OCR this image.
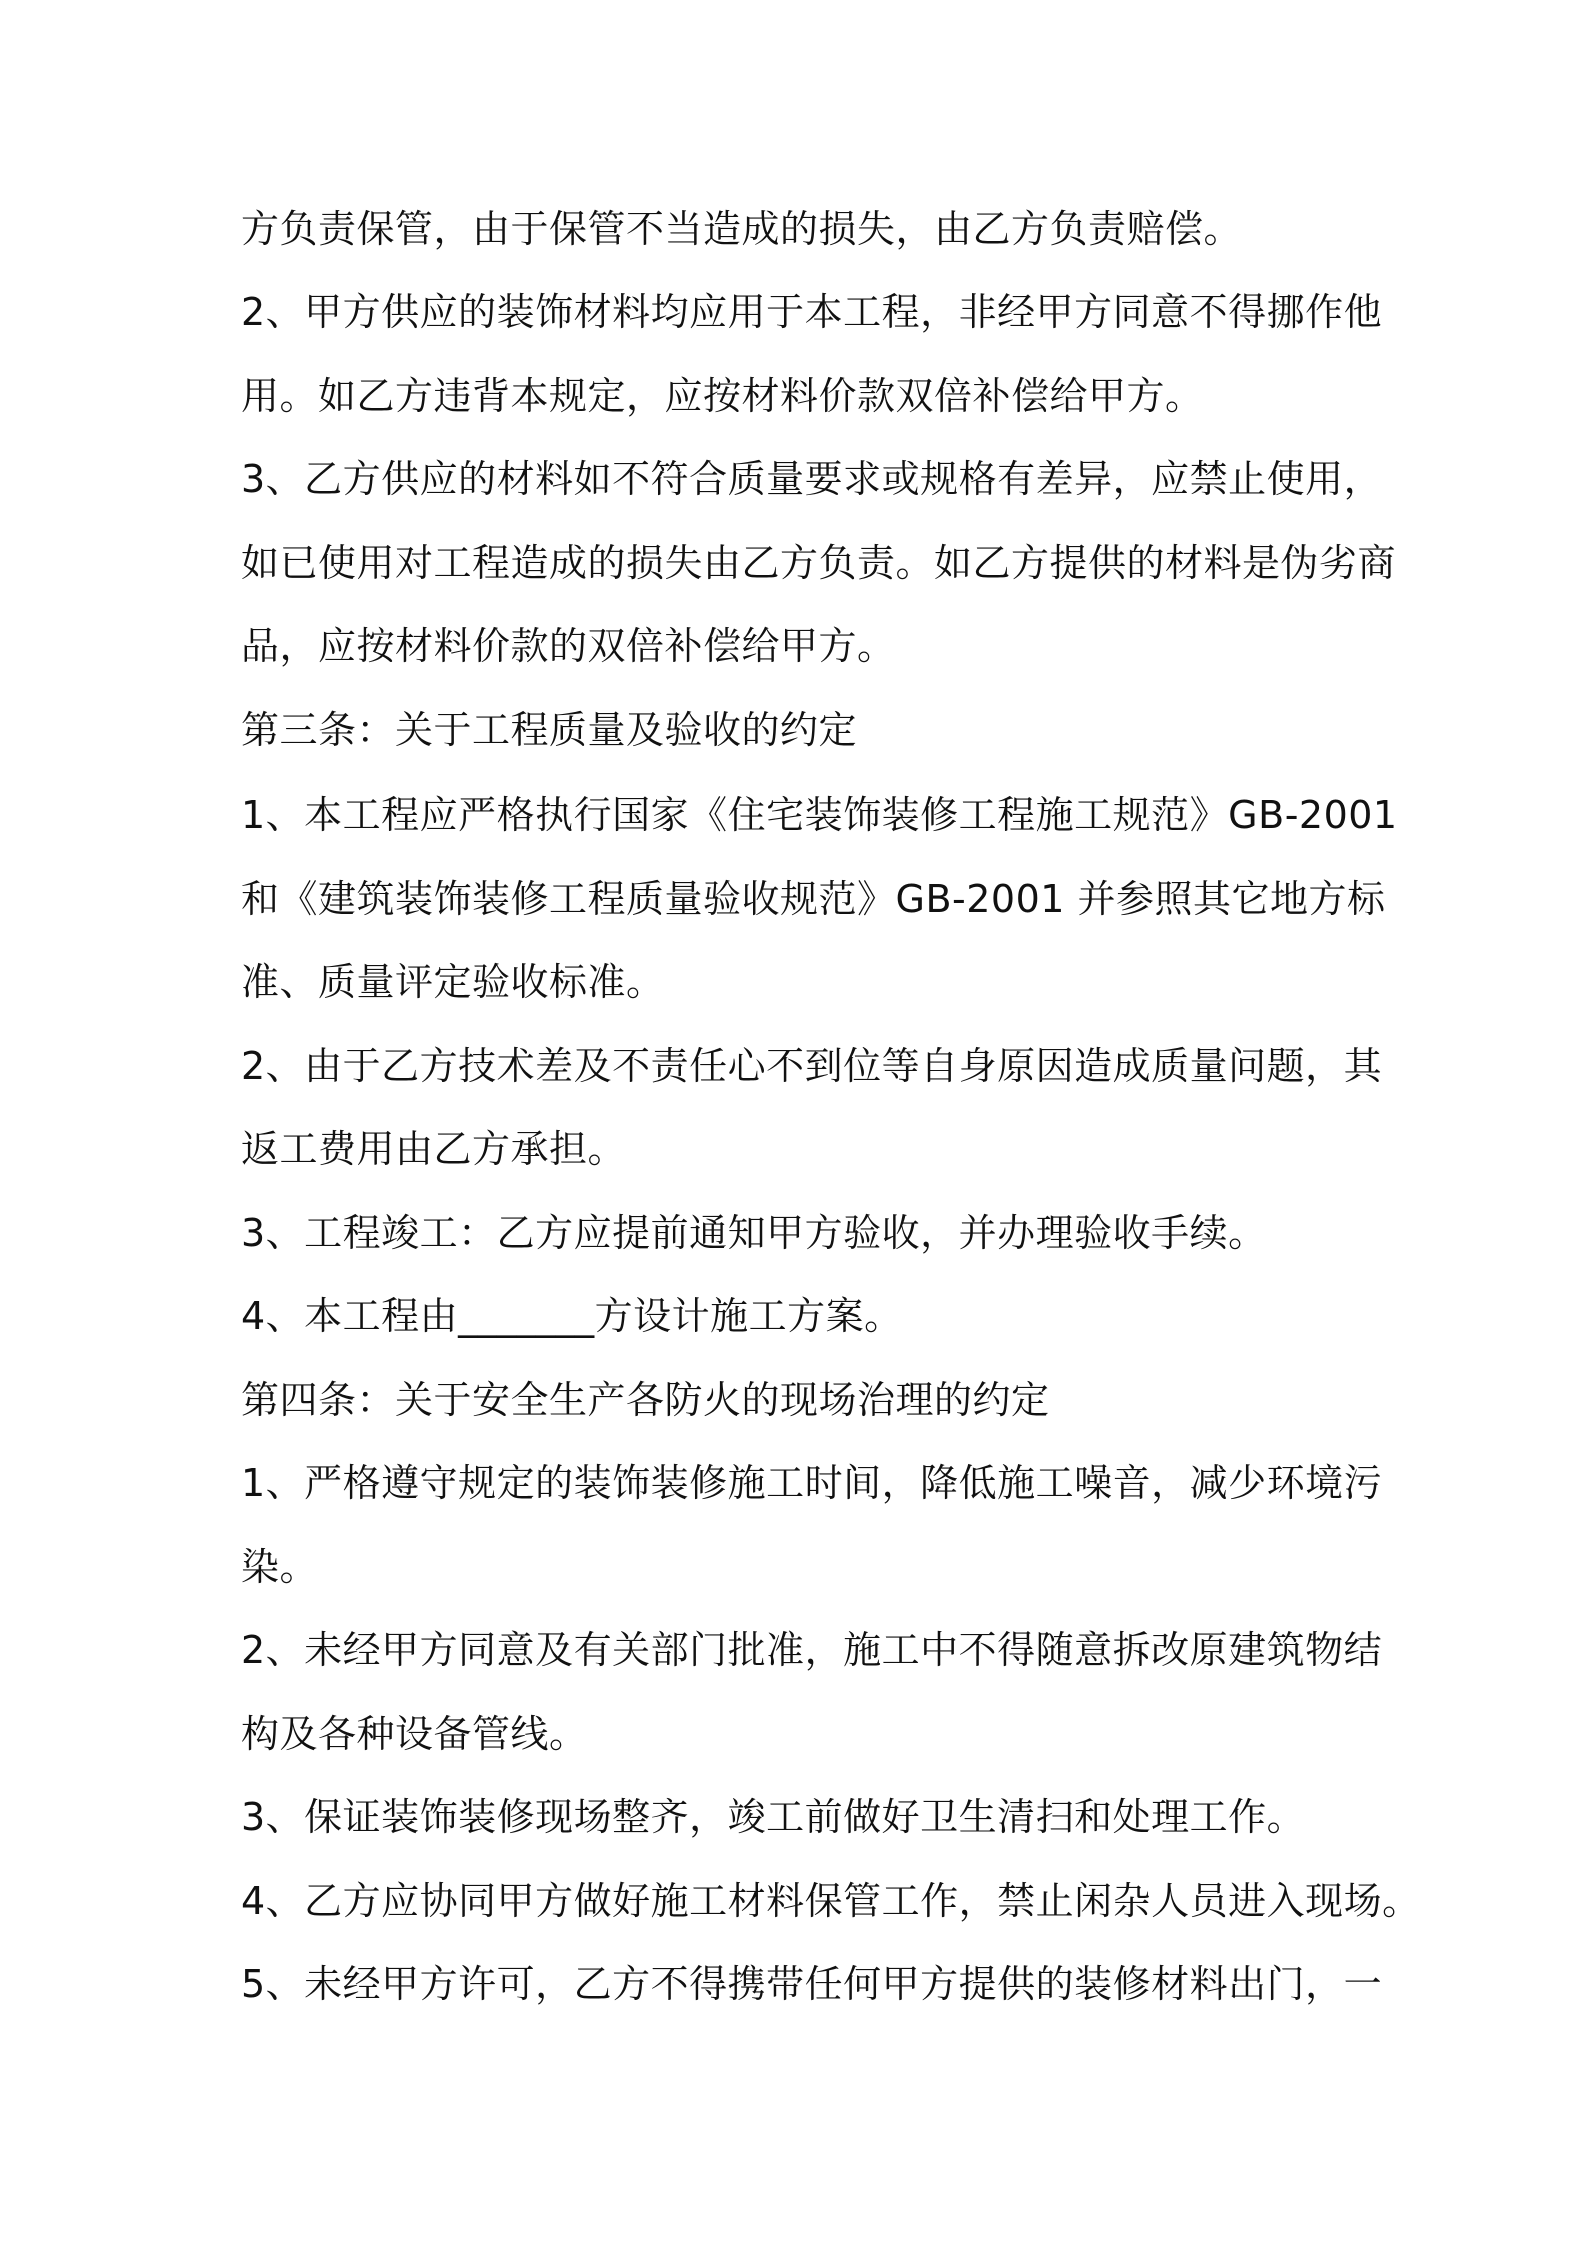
方负责保管，由于保管不当造成的损失，由乙方负责赔偿。
2、甲方供应的装饰材料均应用于本工程，非经甲方同意不得挪作他
用。如乙方违背本规定，应按材料价款双倍补偿给甲方。
3、乙方供应的材料如不符合质量要求或规格有差异，应禁止使用，
如已使用对工程造成的损失由乙方负责。如乙方提供的材料是伪劣商
品，应按材料价款的双倍补偿给甲方。
第三条：关于工程质量及验收的约定
1、本工程应严格执行国家《住宅装饰装修工程施工规范》GB-2001
和《建筑装饰装修工程质量验收规范》GB-2001 并参照其它地方标
准、质量评定验收标准。
2、由于乙方技术差及不责任心不到位等自身原因造成质量问题，其
返工费用由乙方承担。
3、工程竣工：乙方应提前通知甲方验收，并办理验收手续。
4、本工程由_______方设计施工方案。
第四条：关于安全生产各防火的现场治理的约定
1、严格遵守规定的装饰装修施工时间，降低施工噪音，减少环境污
染。
2、未经甲方同意及有关部门批准，施工中不得随意拆改原建筑物结
构及各种设备管线。
3、保证装饰装修现场整齐，竣工前做好卫生清扫和处理工作。
4、乙方应协同甲方做好施工材料保管工作，禁止闲杂人员进入现场。
5、未经甲方许可，乙方不得携带任何甲方提供的装修材料出门，一
